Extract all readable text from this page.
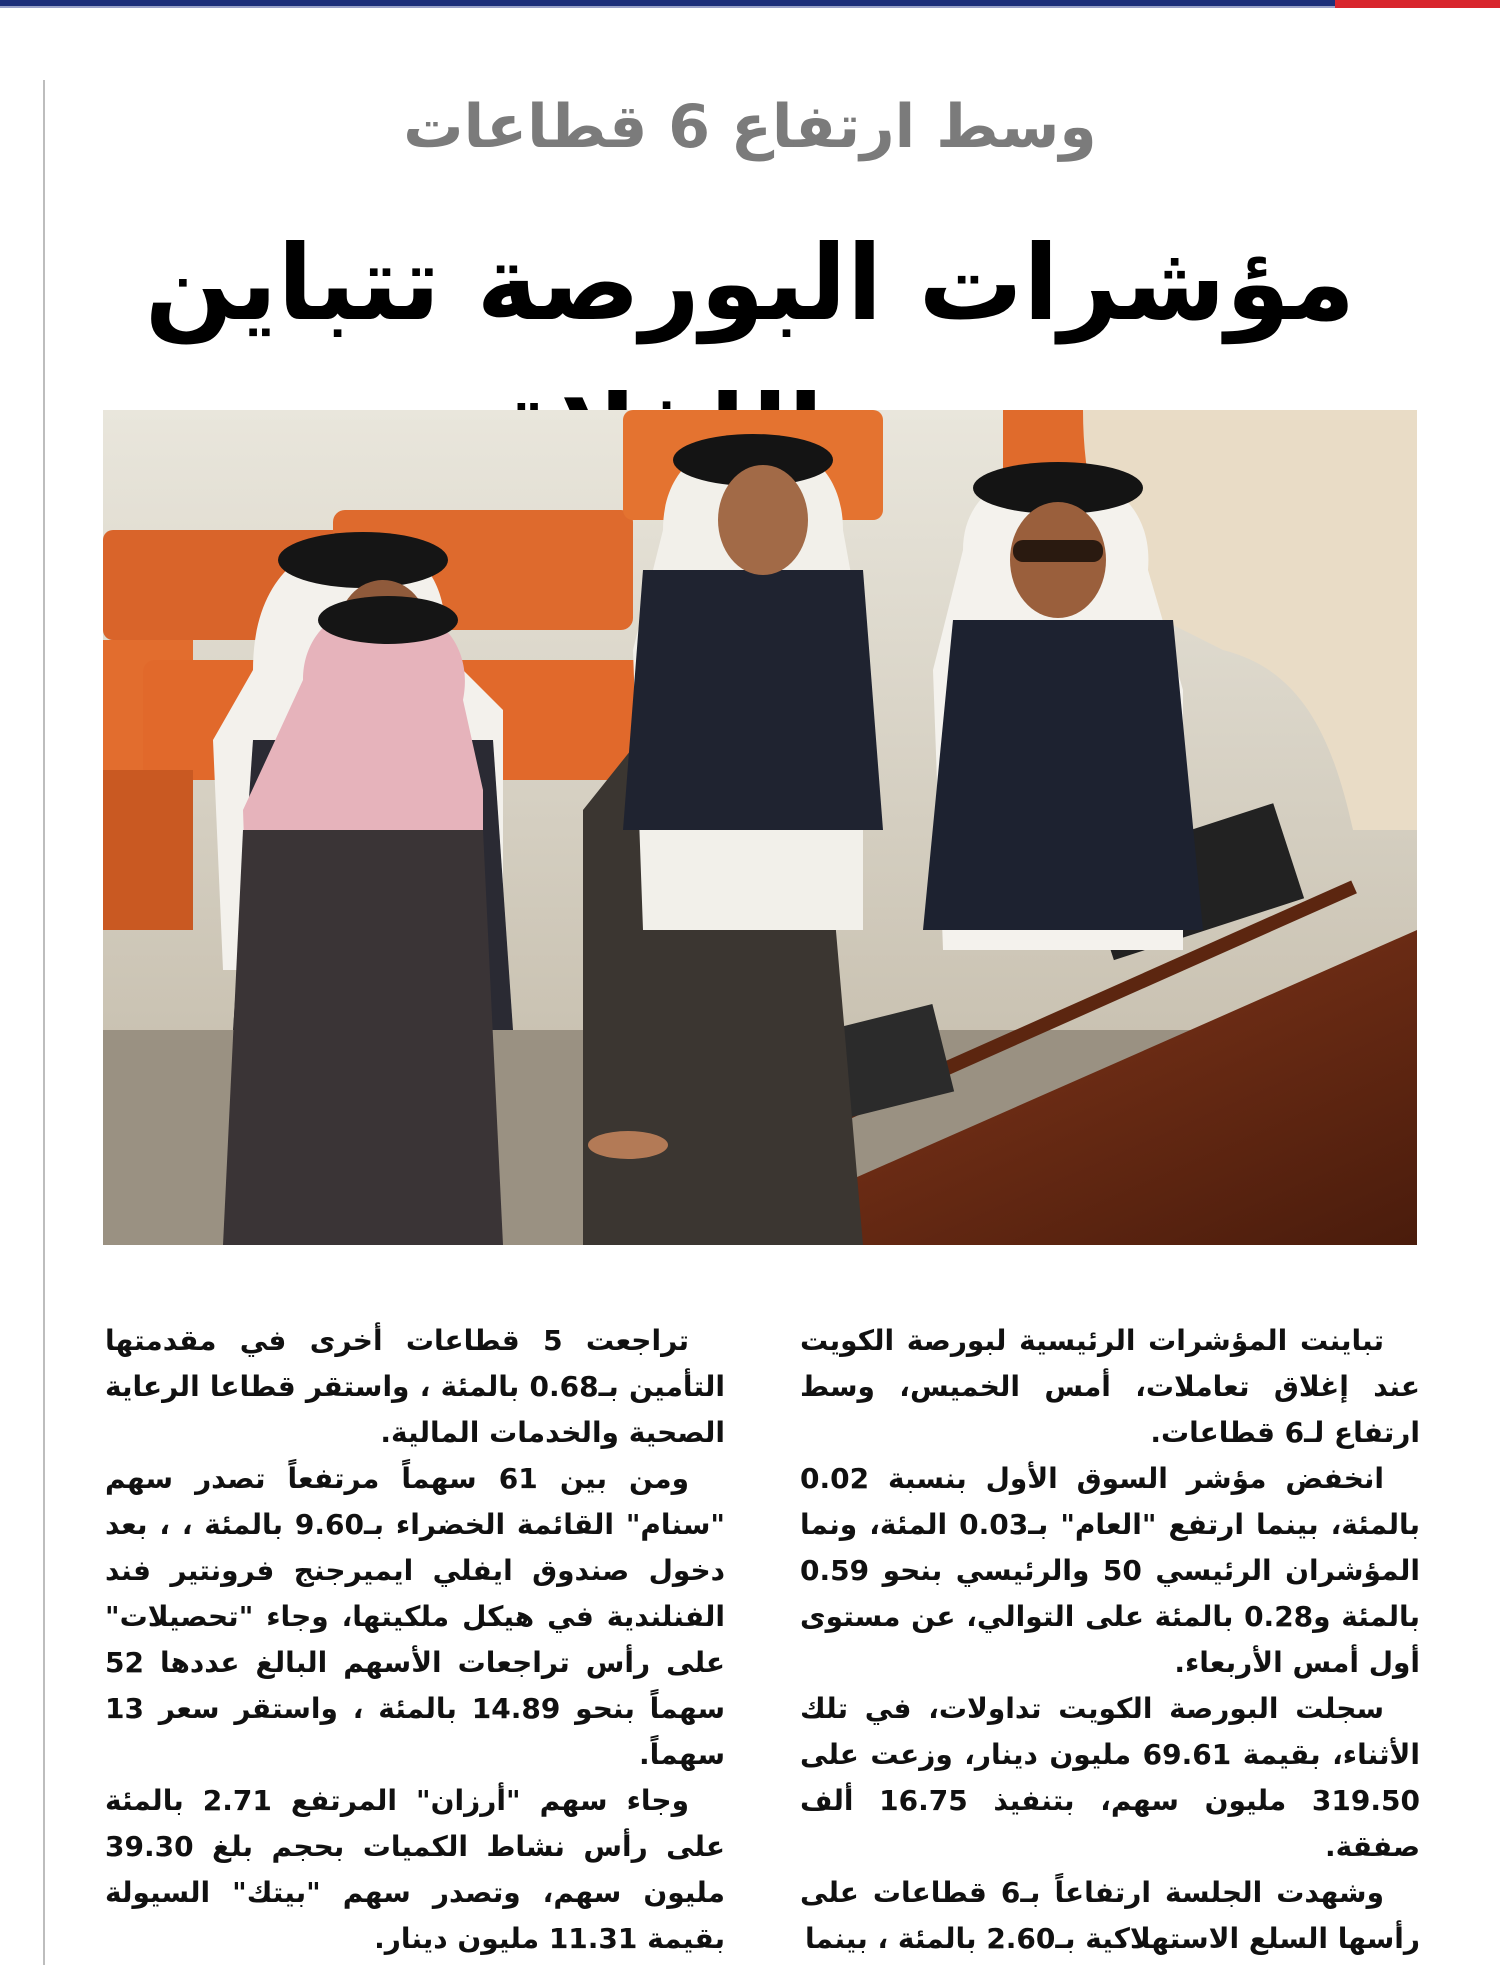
وسط ارتفاع 6 قطاعات
مؤشرات البورصة تتباين

تباينت المؤشرات الرئيسية لبورصة الكويت عند إغلاق تعاملات، أمس الخميس، وسط ارتفاع لـ6 قطاعات.

انخفض مؤشر السوق الأول بنسبة 0.02 بالمئة، بينما ارتفع "العام" بـ0.03 المئة، ونما المؤشران الرئيسي 50 والرئيسي بنحو 0.59 بالمئة و0.28 بالمئة على التوالي، عن مستوى أول أمس الأربعاء.

سجلت البورصة الكويت تداولات، في تلك الأثناء، بقيمة 69.61 مليون دينار، وزعت على 319.50 مليون سهم، بتنفيذ 16.75 ألف صفقة.

وشهدت الجلسة ارتفاعاً بـ6 قطاعات على رأسها السلع الاستهلاكية بـ2.60 بالمئة ، بينما

تراجعت 5 قطاعات أخرى في مقدمتها التأمين بـ0.68 بالمئة ، واستقر قطاعا الرعاية الصحية والخدمات المالية.

ومن بين 61 سهماً مرتفعاً تصدر سهم "سنام" القائمة الخضراء بـ9.60 بالمئة ، ، بعد دخول صندوق ايفلي ايميرجنج فرونتير فند الفنلندية في هيكل ملكيتها، وجاء "تحصيلات" على رأس تراجعات الأسهم البالغ عددها 52 سهماً بنحو 14.89 بالمئة ، واستقر سعر 13 سهماً.

وجاء سهم "أرزان" المرتفع 2.71 بالمئة على رأس نشاط الكميات بحجم بلغ 39.30 مليون سهم، وتصدر سهم "بيتك" السيولة بقيمة 11.31 مليون دينار.
